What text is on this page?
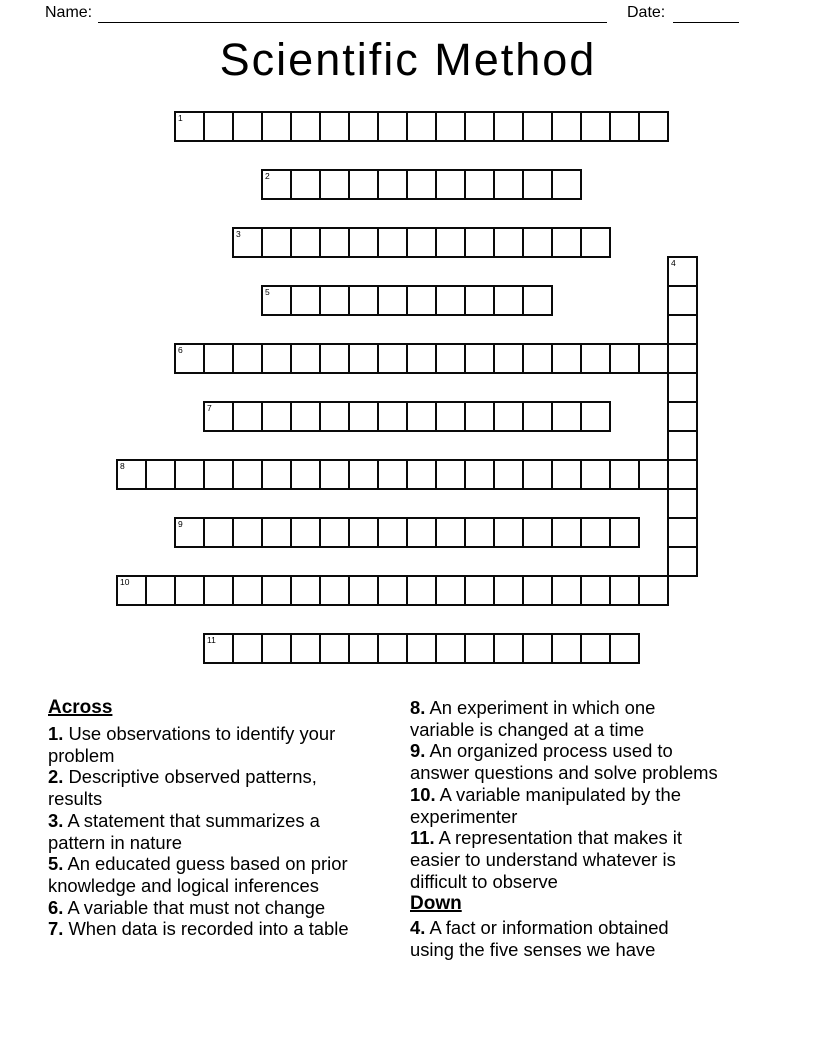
Name:	Date:
Scientific Method
1
2
3
4
5
6
7
8
9
10
11
Across
1. Use observations to identify your
problem
2. Descriptive observed patterns,
results
3. A statement that summarizes a
pattern in nature
5. An educated guess based on prior
knowledge and logical inferences
6. A variable that must not change
7. When data is recorded into a table
8. An experiment in which one
variable is changed at a time
9. An organized process used to
answer questions and solve problems
10. A variable manipulated by the
experimenter
11. A representation that makes it
easier to understand whatever is
difficult to observe
Down
4. A fact or information obtained
using the five senses we have
